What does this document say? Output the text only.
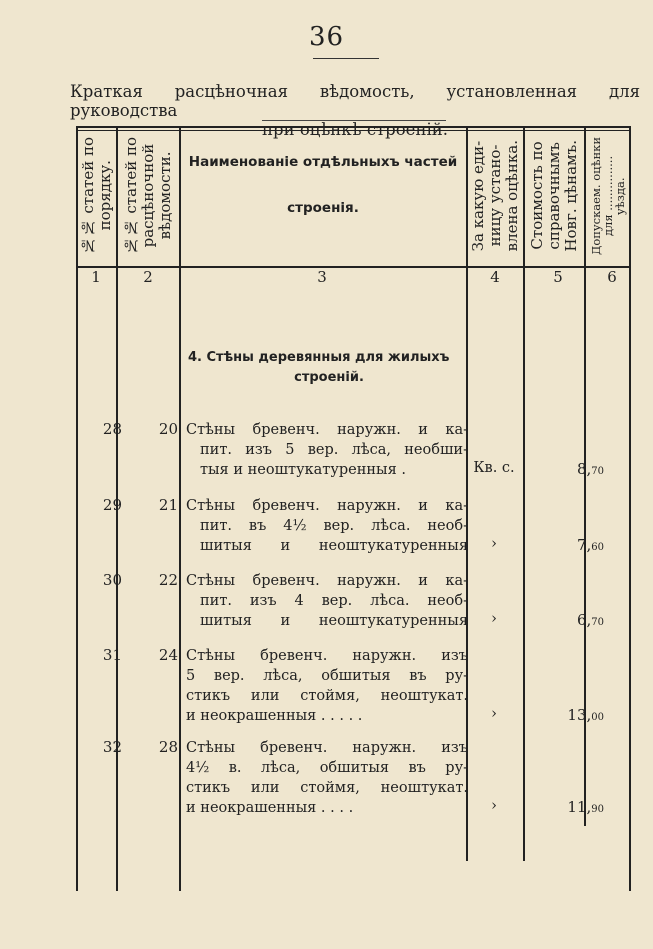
36
Краткая расцѣночная вѣдомость, установленная для руководства
№№ статей по
порядку.
№№ статей по
расцѣночной
вѣдомости.	Наименованіе отдѣльныхъ частей
строенія.
За какую еди-
ницу устано-
влена оцѣнка. Стоимость по
справочнымъ
Новг. цѣнамъ.
Допускаем. оцѣнки
для ...............
уѣзда.
1	2	3	4	5	6
4. Стѣны деревянныя для жилыхъ
строеній.
28	20 Стѣны бревенч. наружн. и ка-
пит. изъ 5 вер. лѣса, необши-
тыя и неоштукатуренныя .	Кв. с.	8,70
29	21 Стѣны бревенч. наружн. и ка-
пит. въ 4½ вер. лѣса. необ-
шитыя и неоштукатуренныя	›	7,60
30	22 Стѣны бревенч. наружн. и ка-
пит. изъ 4 вер. лѣса. необ-
шитыя и неоштукатуренныя	›	6,70
31	24 Стѣны бревенч. наружн. изъ
5 вер. лѣса, обшитыя въ ру-
стикъ или стоймя, неоштукат.
и неокрашенныя . . . . .	›	13,00
32	28 Стѣны бревенч. наружн. изъ
4½ в. лѣса, обшитыя въ ру-
стикъ или стоймя, неоштукат.
и неокрашенныя . . . .	›	11,90
